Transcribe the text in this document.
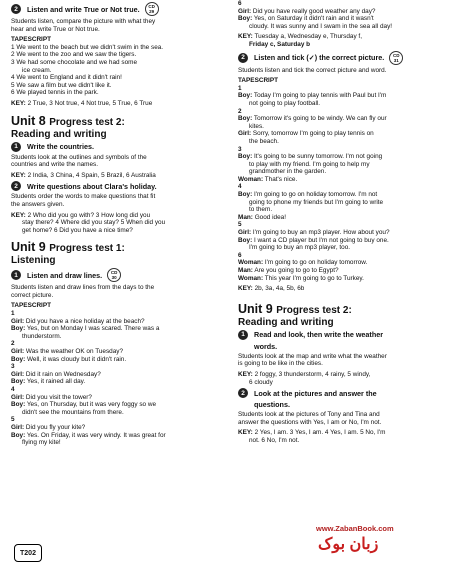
2	Listen and write True or Not true.	CD 29

Students listen, compare the picture with what they

hear and write True or Not true.

TAPESCRIPT

1 We went to the beach but we didn't swim in the sea.

2 We went to the zoo and we saw the tigers.

3 We had some chocolate and we had some

ice cream.

4 We went to England and it didn't rain!

5 We saw a film but we didn't like it.

6 We played tennis in the park.

KEY: 2 True, 3 Not true, 4 Not true, 5 True, 6 True

Unit 8 Progress test 2:
Reading and writing
1	Write the countries.

Students look at the outlines and symbols of the

countries and write the names.

KEY: 2 India, 3 China, 4 Spain, 5 Brazil, 6 Australia

2	Write questions about Clara's holiday.

Students order the words to make questions that fit

the answers given.

KEY: 2 Who did you go with? 3 How long did you

stay there? 4 Where did you stay? 5 When did you

get home? 6 Did you have a nice time?

Unit 9 Progress test 1:
Listening
1	Listen and draw lines.	CD 30

Students listen and draw lines from the days to the

correct picture.

TAPESCRIPT

1

Girl: Did you have a nice holiday at the beach?

Boy: Yes, but on Monday I was scared. There was a

thunderstorm.

2

Girl: Was the weather OK on Tuesday?

Boy: Well, it was cloudy but it didn't rain.

3

Girl: Did it rain on Wednesday?

Boy: Yes, it rained all day.

4

Girl: Did you visit the tower?

Boy: Yes, on Thursday, but it was very foggy so we

didn't see the mountains from there.

5

Girl: Did you fly your kite?

Boy: Yes. On Friday, it was very windy. It was great for

flying my kite!

6

Girl: Did you have really good weather any day?

Boy: Yes, on Saturday it didn't rain and it wasn't

cloudy. It was sunny and I swam in the sea all day!

KEY: Tuesday a, Wednesday e, Thursday f,

Friday c, Saturday b

2	Listen and tick (✓) the correct picture.	CD 31

Students listen and tick the correct picture and word.

TAPESCRIPT

1

Boy: Today I'm going to play tennis with Paul but I'm

not going to play football.

2

Boy: Tomorrow it's going to be windy. We can fly our

kites.

Girl: Sorry, tomorrow I'm going to play tennis on

the beach.

3

Boy: It's going to be sunny tomorrow. I'm not going

to play with my friend. I'm going to help my

grandmother in the garden.

Woman: That's nice.

4

Boy: I'm going to go on holiday tomorrow. I'm not

going to phone my friends but I'm going to write

to them.

Man: Good idea!

5

Girl: I'm going to buy an mp3 player. How about you?

Boy: I want a CD player but I'm not going to buy one.

I'm going to buy an mp3 player, too.

6

Woman: I'm going to go on holiday tomorrow.

Man: Are you going to go to Egypt?

Woman: This year I'm going to go to Turkey.

KEY: 2b, 3a, 4a, 5b, 6b

Unit 9 Progress test 2:
Reading and writing
1	Read and look, then write the weather

words.

Students look at the map and write what the weather

is going to be like in the cities.

KEY: 2 foggy, 3 thunderstorm, 4 rainy, 5 windy,

6 cloudy

2	Look at the pictures and answer the

questions.

Students look at the pictures of Tony and Tina and

answer the questions with Yes, I am or No, I'm not.

KEY: 2 Yes, I am. 3 Yes, I am. 4 Yes, I am. 5 No, I'm

not. 6 No, I'm not.

T202
www.ZabanBook.com
زبان بوک
